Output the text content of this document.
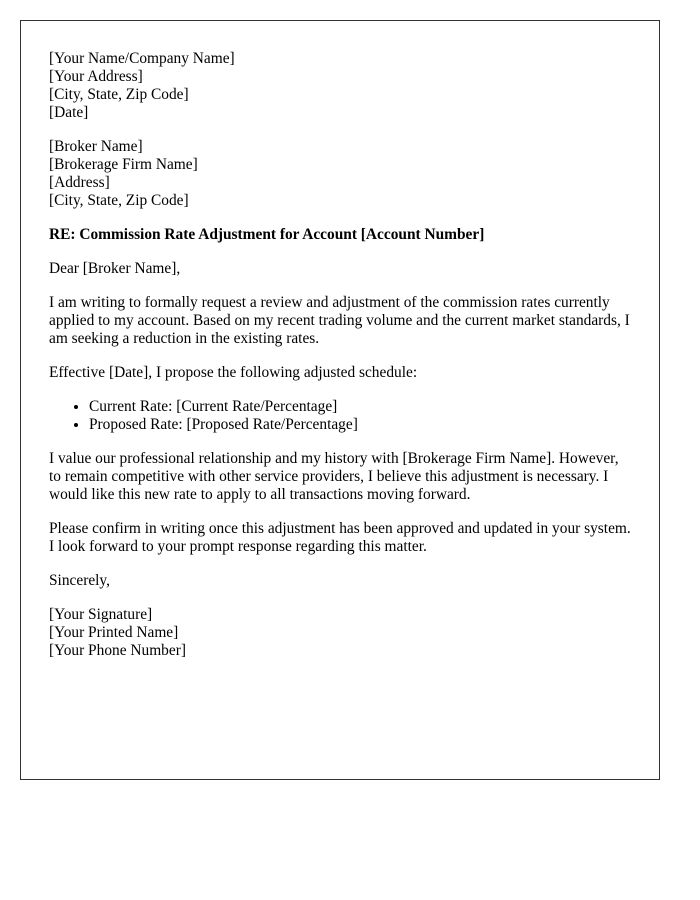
[Your Name/Company Name]
[Your Address]
[City, State, Zip Code]
[Date]
[Broker Name]
[Brokerage Firm Name]
[Address]
[City, State, Zip Code]
RE: Commission Rate Adjustment for Account [Account Number]

Dear [Broker Name],

I am writing to formally request a review and adjustment of the commission rates currently applied to my account. Based on my recent trading volume and the current market standards, I am seeking a reduction in the existing rates.

Effective [Date], I propose the following adjusted schedule:

• Current Rate: [Current Rate/Percentage]
• Proposed Rate: [Proposed Rate/Percentage]

I value our professional relationship and my history with [Brokerage Firm Name]. However, to remain competitive with other service providers, I believe this adjustment is necessary. I would like this new rate to apply to all transactions moving forward.

Please confirm in writing once this adjustment has been approved and updated in your system. I look forward to your prompt response regarding this matter.

Sincerely,

[Your Signature]
[Your Printed Name]
[Your Phone Number]
